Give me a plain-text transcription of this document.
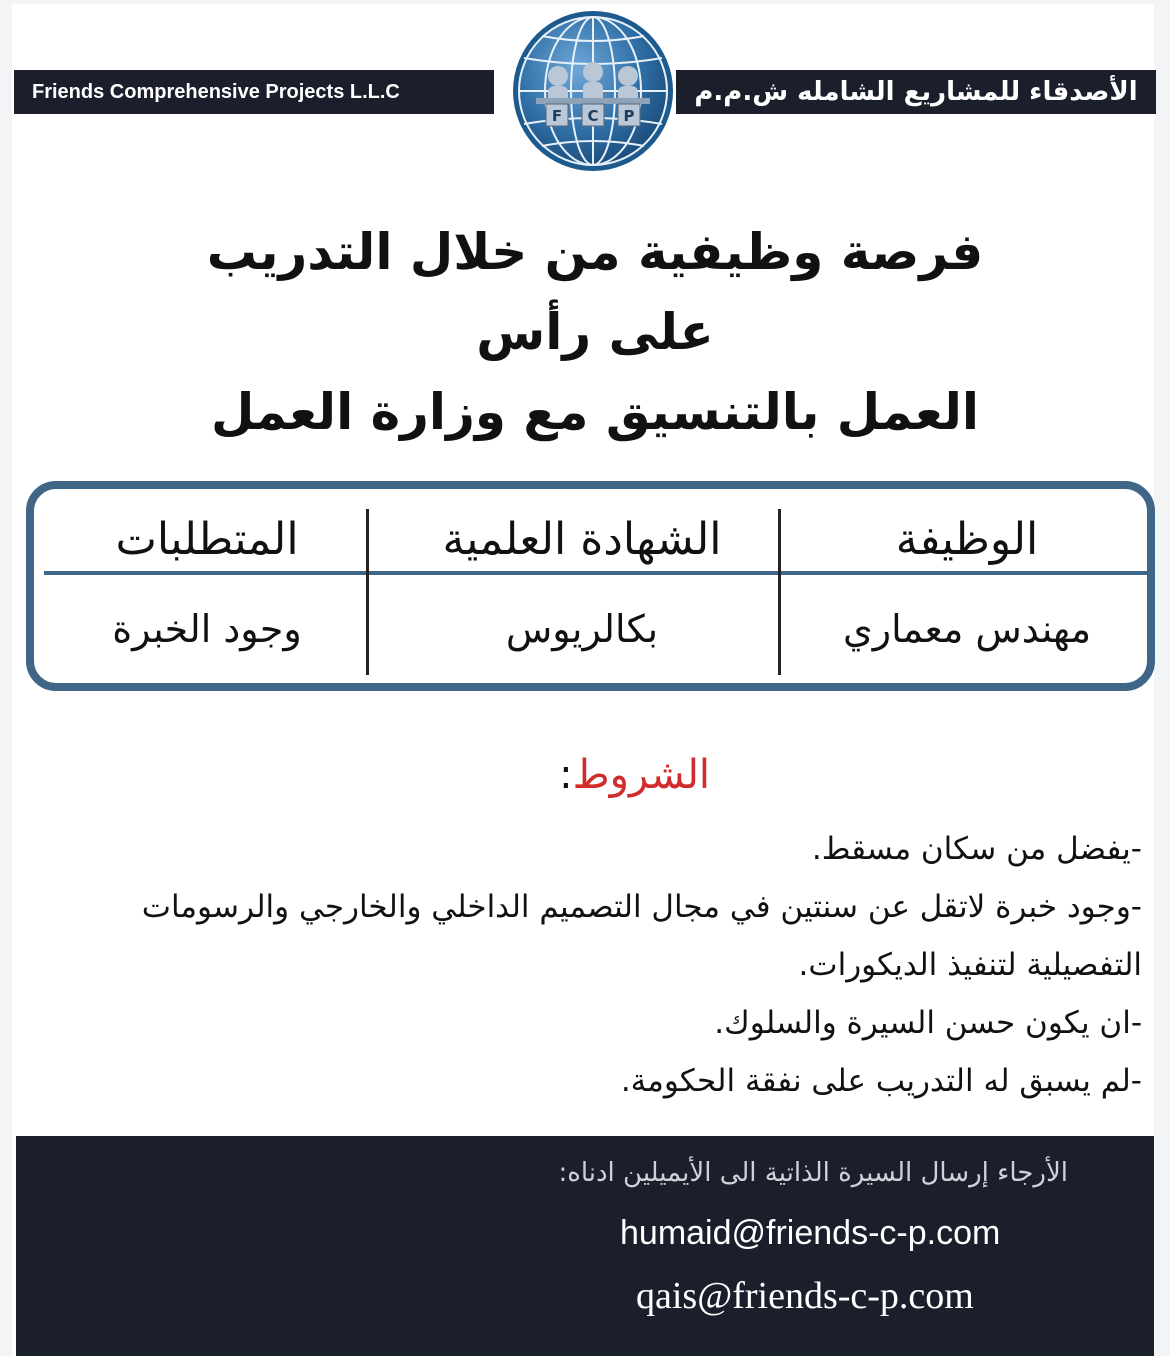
Friends Comprehensive Projects L.L.C	الأصدقاء للمشاريع الشامله ش.م.م
F C P
فرصة وظيفية من خلال التدريب على رأس
العمل بالتنسيق مع وزارة العمل
الوظيفة
الشهادة العلمية
المتطلبات
مهندس معماري
بكالريوس
وجود الخبرة
الشروط:

-يفضل من سكان مسقط.

-وجود خبرة لاتقل عن سنتين في مجال التصميم الداخلي والخارجي والرسومات

التفصيلية لتنفيذ الديكورات.

-ان يكون حسن السيرة والسلوك.

-لم يسبق له التدريب على نفقة الحكومة.

الأرجاء إرسال السيرة الذاتية الى الأيميلين ادناه:
humaid@friends-c-p.com
qais@friends-c-p.com
